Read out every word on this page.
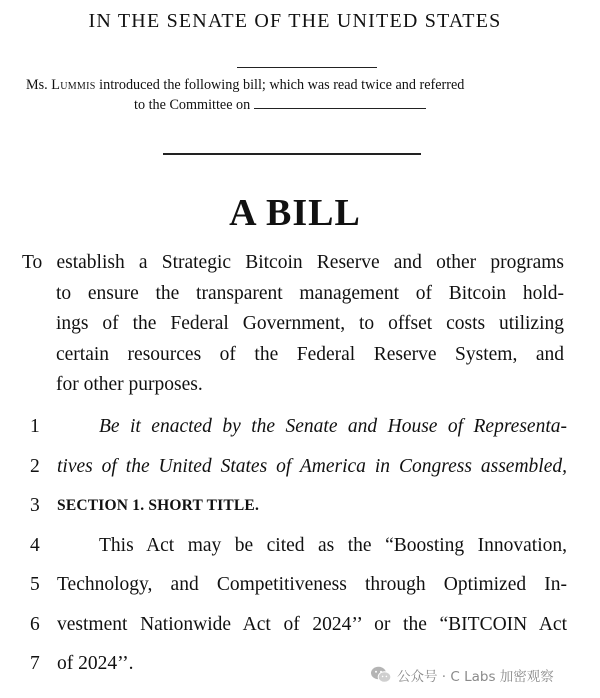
IN THE SENATE OF THE UNITED STATES
Ms. Lummis introduced the following bill; which was read twice and referred
to the Committee on
A BILL
To establish a Strategic Bitcoin Reserve and other programs
to ensure the transparent management of Bitcoin hold-
ings of the Federal Government, to offset costs utilizing
certain resources of the Federal Reserve System, and
for other purposes.
1	Be it enacted by the Senate and House of Representa-
2 tives of the United States of America in Congress assembled,
3	SECTION 1. SHORT TITLE.
4	This Act may be cited as the “Boosting Innovation,
5 Technology, and Competitiveness through Optimized In-
6 vestment Nationwide Act of 2024’’ or the “BITCOIN Act
7 of 2024’’.
公众号 · C Labs 加密观察
